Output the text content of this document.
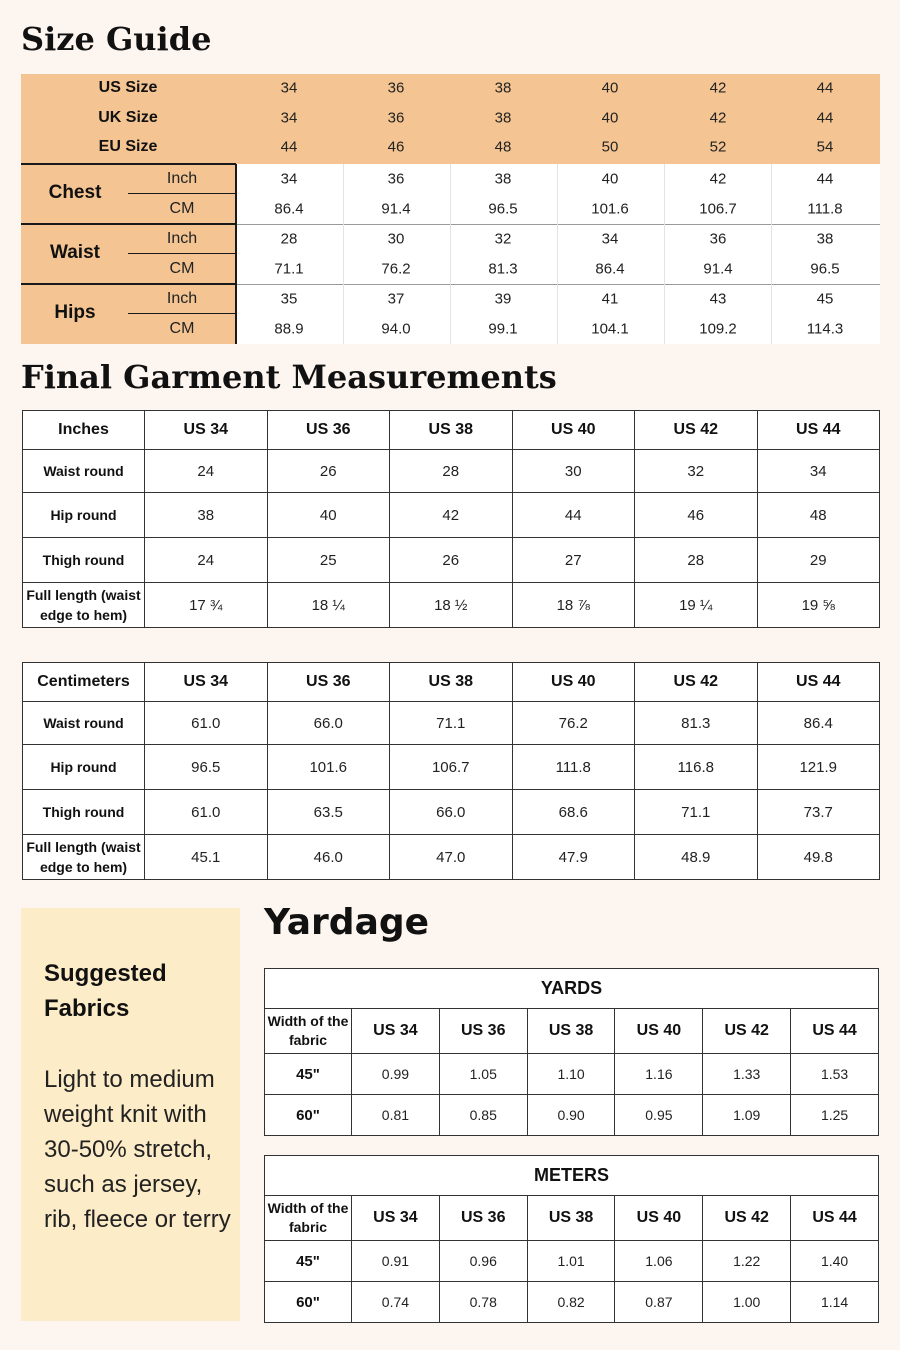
Size Guide
US Size	34	36	38	40	42	44
UK Size	34	36	38	40	42	44
EU Size	44	46	48	50	52	54
Chest
Inch	34	36	38	40	42	44
CM	86.4	91.4	96.5	101.6	106.7	111.8
Waist
Inch	28	30	32	34	36	38
CM	71.1	76.2	81.3	86.4	91.4	96.5
Hips
Inch	35	37	39	41	43	45
CM	88.9	94.0	99.1	104.1	109.2	114.3
Final Garment Measurements
Inches	US 34	US 36	US 38	US 40	US 42	US 44
Waist round	24	26	28	30	32	34
Hip round	38	40	42	44	46	48
Thigh round	24	25	26	27	28	29
Full length (waist edge to hem)	17 ¾	18 ¼	18 ½	18 ⅞	19 ¼	19 ⅝
Centimeters	US 34	US 36	US 38	US 40	US 42	US 44
Waist round	61.0	66.0	71.1	76.2	81.3	86.4
Hip round	96.5	101.6	106.7	111.8	116.8	121.9
Thigh round	61.0	63.5	66.0	68.6	71.1	73.7
Full length (waist edge to hem)	45.1	46.0	47.0	47.9	48.9	49.8

Suggested Fabrics

Light to medium weight knit with 30-50% stretch, such as jersey, rib, fleece or terry

Yardage
YARDS						
Width of the fabric	US 34	US 36	US 38	US 40	US 42	US 44
45"	0.99	1.05	1.10	1.16	1.33	1.53
60"	0.81	0.85	0.90	0.95	1.09	1.25
METERS						
Width of the fabric	US 34	US 36	US 38	US 40	US 42	US 44
45"	0.91	0.96	1.01	1.06	1.22	1.40
60"	0.74	0.78	0.82	0.87	1.00	1.14
